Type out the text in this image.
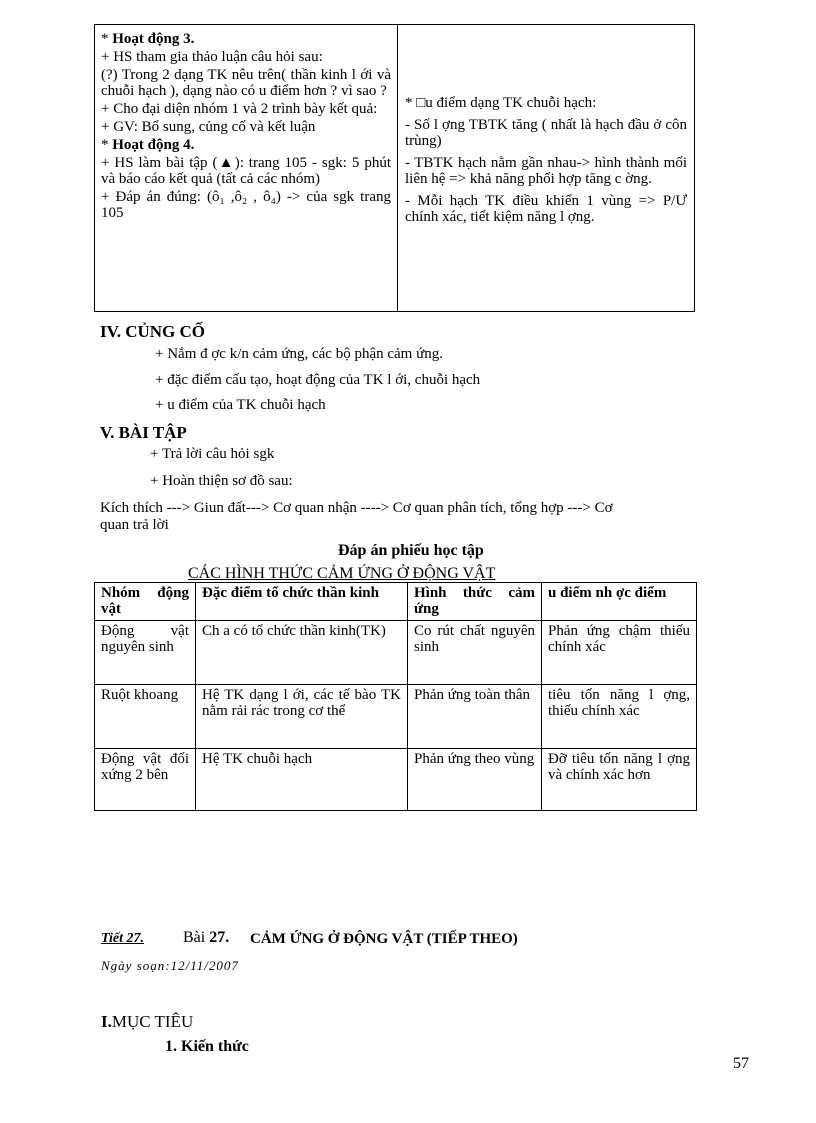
* Hoạt động 3.

+ HS tham gia thảo luận câu hỏi sau:

(?) Trong 2 dạng TK nêu trên( thần kinh l ới và chuỗi hạch ), dạng nào có u điểm hơn ? vì sao ?

+ Cho đại diện nhóm 1 và 2 trình bày kết quả:

+ GV: Bổ sung, củng cố và kết luận

* Hoạt động 4.

+ HS làm bài tập (▲): trang 105 - sgk: 5 phút và báo cáo kết quả (tất cả các nhóm)

+ Đáp án đúng: (ô₁ ,ô₂ , ô₄) -> của sgk trang 105

* □u điểm dạng TK chuỗi hạch:

- Số l ợng TBTK tăng ( nhất là hạch đầu ở côn trùng)

- TBTK hạch nằm gần nhau-> hình thành mối liên hệ => khả năng phối hợp tăng c ờng.

- Mỗi hạch TK điều khiển 1 vùng => P/Ư chính xác, tiết kiệm năng l ợng.

IV. CỦNG CỐ
+ Nắm đ ợc k/n cảm ứng, các bộ phận cảm ứng.
+ đặc điểm cấu tạo, hoạt động của TK l ới, chuỗi hạch
+ u điểm của TK chuỗi hạch
V. BÀI TẬP
+ Trả lời câu hỏi sgk
+ Hoàn thiện sơ đồ sau:
Kích thích ---> Giun đất---> Cơ quan nhận ----> Cơ quan phân tích, tổng hợp ---> Cơ
quan trả lời
Đáp án phiếu học tập
CÁC HÌNH THỨC CẢM ỨNG Ở ĐỘNG VẬT
Nhóm động vật	Đặc điểm tổ chức thần kinh	Hình thức cảm ứng	u điểm nh ợc điểm
Động vật nguyên sinh	Ch a có tổ chức thần kinh(TK)	Co rút chất nguyên sinh	Phản ứng chậm thiếu chính xác
Ruột khoang	Hệ TK dạng l ới, các tế bào TK nằm rải rác trong cơ thể	Phản ứng toàn thân	tiêu tốn năng l ợng, thiếu chính xác
Động vật đối xứng 2 bên	Hệ TK chuỗi hạch	Phản ứng theo vùng	Đỡ tiêu tốn năng l ợng và chính xác hơn
Tiết 27. Bài 27. CẢM ỨNG Ở ĐỘNG VẬT (TIẾP THEO)
Ngày soạn:12/11/2007
I.MỤC TIÊU
1. Kiến thức
57
